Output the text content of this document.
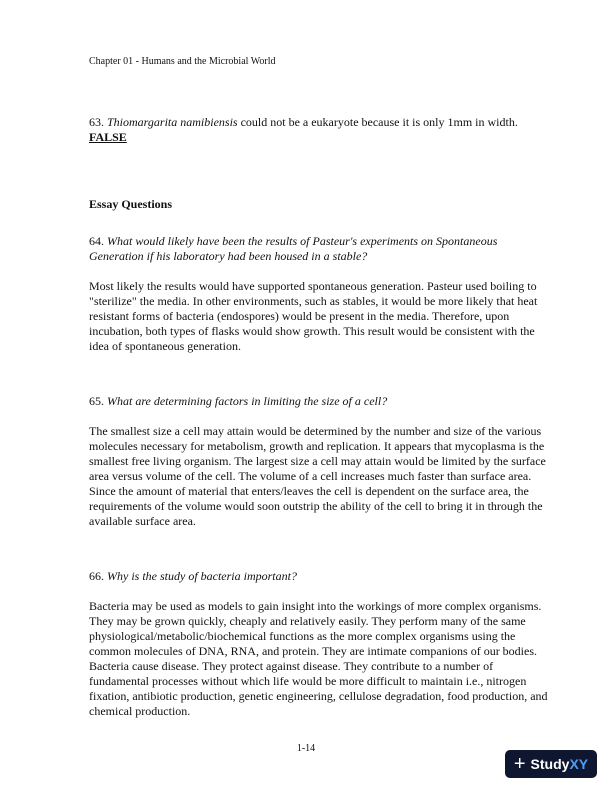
Chapter 01 - Humans and the Microbial World

63. Thiomargarita namibiensis could not be a eukaryote because it is only 1mm in width.

FALSE
Essay Questions

64. What would likely have been the results of Pasteur's experiments on Spontaneous Generation if his laboratory had been housed in a stable?

Most likely the results would have supported spontaneous generation. Pasteur used boiling to "sterilize" the media. In other environments, such as stables, it would be more likely that heat resistant forms of bacteria (endospores) would be present in the media. Therefore, upon incubation, both types of flasks would show growth. This result would be consistent with the idea of spontaneous generation.

65. What are determining factors in limiting the size of a cell?

The smallest size a cell may attain would be determined by the number and size of the various molecules necessary for metabolism, growth and replication. It appears that mycoplasma is the smallest free living organism. The largest size a cell may attain would be limited by the surface area versus volume of the cell. The volume of a cell increases much faster than surface area. Since the amount of material that enters/leaves the cell is dependent on the surface area, the requirements of the volume would soon outstrip the ability of the cell to bring it in through the available surface area.

66. Why is the study of bacteria important?

Bacteria may be used as models to gain insight into the workings of more complex organisms. They may be grown quickly, cheaply and relatively easily. They perform many of the same physiological/metabolic/biochemical functions as the more complex organisms using the common molecules of DNA, RNA, and protein. They are intimate companions of our bodies. Bacteria cause disease. They protect against disease. They contribute to a number of fundamental processes without which life would be more difficult to maintain i.e., nitrogen fixation, antibiotic production, genetic engineering, cellulose degradation, food production, and chemical production.

1-14
+ StudyXY
